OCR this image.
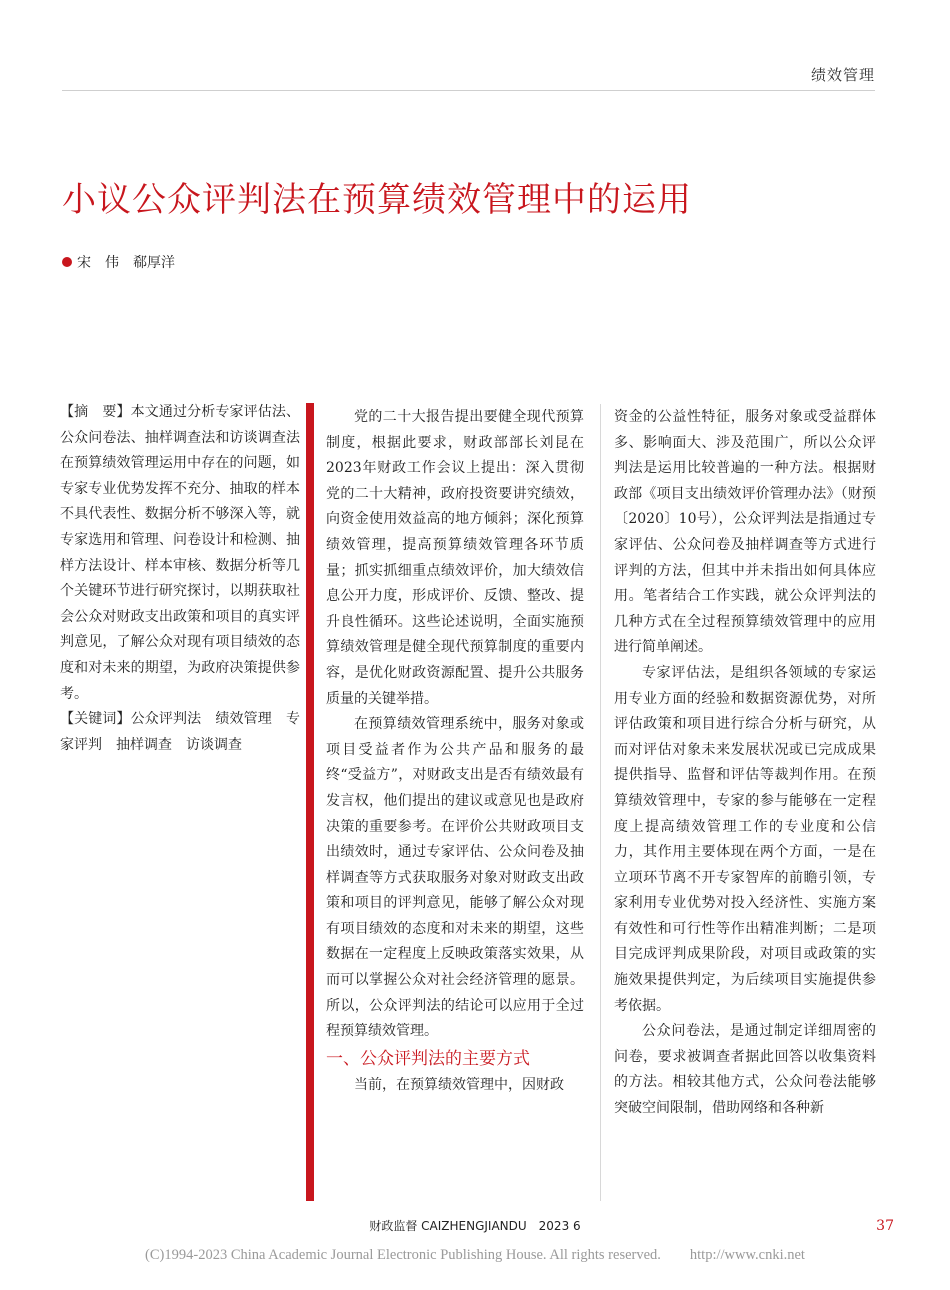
绩效管理
小议公众评判法在预算绩效管理中的运用
宋　伟　郗厚洋

【摘　要】本文通过分析专家评估法、公众问卷法、抽样调查法和访谈调查法在预算绩效管理运用中存在的问题，如专家专业优势发挥不充分、抽取的样本不具代表性、数据分析不够深入等，就专家选用和管理、问卷设计和检测、抽样方法设计、样本审核、数据分析等几个关键环节进行研究探讨，以期获取社会公众对财政支出政策和项目的真实评判意见，了解公众对现有项目绩效的态度和对未来的期望，为政府决策提供参考。

【关键词】公众评判法　绩效管理　专家评判　抽样调查　访谈调查

党的二十大报告提出要健全现代预算制度，根据此要求，财政部部长刘昆在2023年财政工作会议上提出：深入贯彻党的二十大精神，政府投资要讲究绩效，向资金使用效益高的地方倾斜；深化预算绩效管理，提高预算绩效管理各环节质量；抓实抓细重点绩效评价，加大绩效信息公开力度，形成评价、反馈、整改、提升良性循环。这些论述说明，全面实施预算绩效管理是健全现代预算制度的重要内容，是优化财政资源配置、提升公共服务质量的关键举措。

在预算绩效管理系统中，服务对象或项目受益者作为公共产品和服务的最终“受益方”，对财政支出是否有绩效最有发言权，他们提出的建议或意见也是政府决策的重要参考。在评价公共财政项目支出绩效时，通过专家评估、公众问卷及抽样调查等方式获取服务对象对财政支出政策和项目的评判意见，能够了解公众对现有项目绩效的态度和对未来的期望，这些数据在一定程度上反映政策落实效果，从而可以掌握公众对社会经济管理的愿景。所以，公众评判法的结论可以应用于全过程预算绩效管理。

一、公众评判法的主要方式

当前，在预算绩效管理中，因财政

资金的公益性特征，服务对象或受益群体多、影响面大、涉及范围广，所以公众评判法是运用比较普遍的一种方法。根据财政部《项目支出绩效评价管理办法》（财预〔2020〕10号），公众评判法是指通过专家评估、公众问卷及抽样调查等方式进行评判的方法，但其中并未指出如何具体应用。笔者结合工作实践，就公众评判法的几种方式在全过程预算绩效管理中的应用进行简单阐述。

专家评估法，是组织各领域的专家运用专业方面的经验和数据资源优势，对所评估政策和项目进行综合分析与研究，从而对评估对象未来发展状况或已完成成果提供指导、监督和评估等裁判作用。在预算绩效管理中，专家的参与能够在一定程度上提高绩效管理工作的专业度和公信力，其作用主要体现在两个方面，一是在立项环节离不开专家智库的前瞻引领，专家利用专业优势对投入经济性、实施方案有效性和可行性等作出精准判断；二是项目完成评判成果阶段，对项目或政策的实施效果提供判定，为后续项目实施提供参考依据。

公众问卷法，是通过制定详细周密的问卷，要求被调查者据此回答以收集资料的方法。相较其他方式，公众问卷法能够突破空间限制，借助网络和各种新

财政监督 CAIZHENGJIANDU　2023 6	37
(C)1994-2023 China Academic Journal Electronic Publishing House. All rights reserved.　　http://www.cnki.net
